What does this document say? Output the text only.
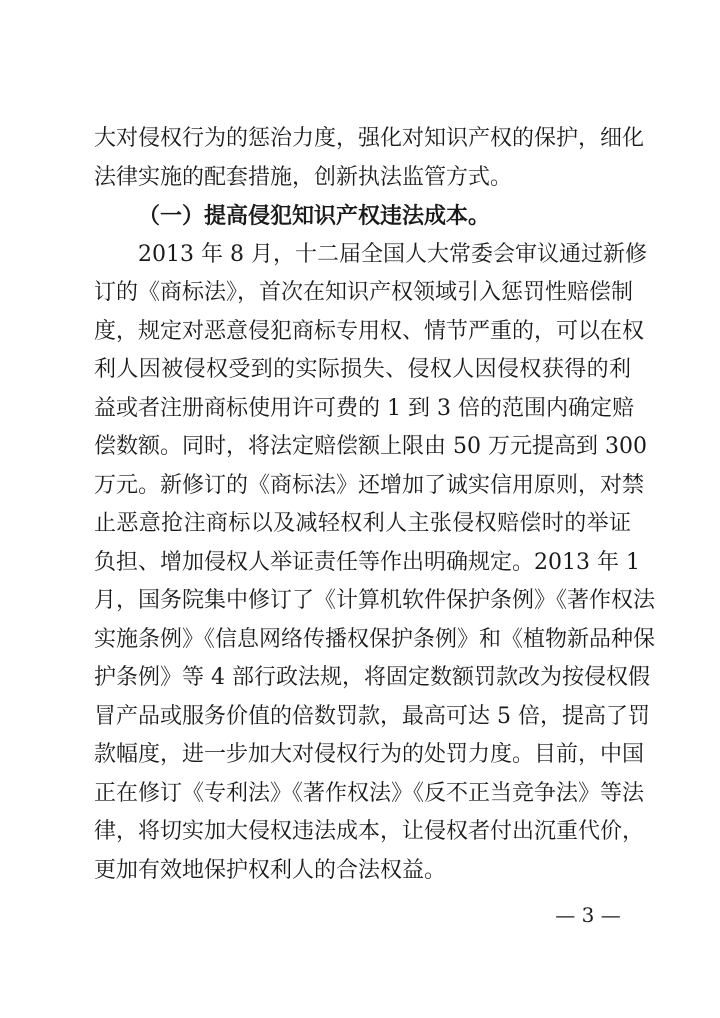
大对侵权行为的惩治力度，强化对知识产权的保护，细化
法律实施的配套措施，创新执法监管方式。
（一）提高侵犯知识产权违法成本。
2013 年 8 月，十二届全国人大常委会审议通过新修
订的《商标法》，首次在知识产权领域引入惩罚性赔偿制
度，规定对恶意侵犯商标专用权、情节严重的，可以在权
利人因被侵权受到的实际损失、侵权人因侵权获得的利
益或者注册商标使用许可费的 1 到 3 倍的范围内确定赔
偿数额。同时，将法定赔偿额上限由 50 万元提高到 300
万元。新修订的《商标法》还增加了诚实信用原则，对禁
止恶意抢注商标以及减轻权利人主张侵权赔偿时的举证
负担、增加侵权人举证责任等作出明确规定。2013 年 1
月，国务院集中修订了《计算机软件保护条例》《著作权法
实施条例》《信息网络传播权保护条例》和《植物新品种保
护条例》等 4 部行政法规，将固定数额罚款改为按侵权假
冒产品或服务价值的倍数罚款，最高可达 5 倍，提高了罚
款幅度，进一步加大对侵权行为的处罚力度。目前，中国
正在修订《专利法》《著作权法》《反不正当竞争法》等法
律，将切实加大侵权违法成本，让侵权者付出沉重代价，
更加有效地保护权利人的合法权益。
— 3 —
